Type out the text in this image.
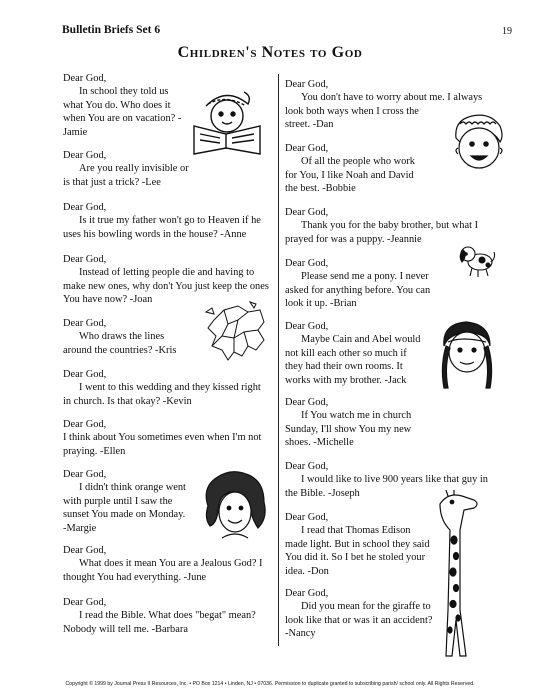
Bulletin Briefs Set 6	19
Children's Notes to God
Dear God,
In school they told us
what You do. Who does it
when You are on vacation? -
Jamie
Dear God,
Are you really invisible or
is that just a trick? -Lee
Dear God,
Is it true my father won't go to Heaven if he
uses his bowling words in the house? -Anne
Dear God,
Instead of letting people die and having to
make new ones, why don't You just keep the ones
You have now? -Joan
Dear God,
Who draws the lines
around the countries? -Kris
Dear God,
I went to this wedding and they kissed right
in church. Is that okay? -Kevin
Dear God,
I think about You sometimes even when I'm not
praying. -Ellen
Dear God,
I didn't think orange went
with purple until I saw the
sunset You made on Monday.
-Margie
Dear God,
What does it mean You are a Jealous God? I
thought You had everything. -June
Dear God,
I read the Bible. What does "begat" mean?
Nobody will tell me. -Barbara
Dear God,
You don't have to worry about me. I always
look both ways when I cross the
street. -Dan
Dear God,
Of all the people who work
for You, I like Noah and David
the best. -Bobbie
Dear God,
Thank you for the baby brother, but what I
prayed for was a puppy. -Jeannie
Dear God,
Please send me a pony. I never
asked for anything before. You can
look it up. -Brian
Dear God,
Maybe Cain and Abel would
not kill each other so much if
they had their own rooms. It
works with my brother. -Jack
Dear God,
If You watch me in church
Sunday, I'll show You my new
shoes. -Michelle
Dear God,
I would like to live 900 years like that guy in
the Bible. -Joseph
Dear God,
I read that Thomas Edison
made light. But in school they said
You did it. So I bet he stoled your
idea. -Don
Dear God,
Did you mean for the giraffe to
look like that or was it an accident?
-Nancy
Copyright © 1999 by Journal Press II Resources, Inc. • PO Box 1214 • Linden, NJ • 07036. Permission to duplicate granted to subscribing parish/ school only. All Rights Reserved.
